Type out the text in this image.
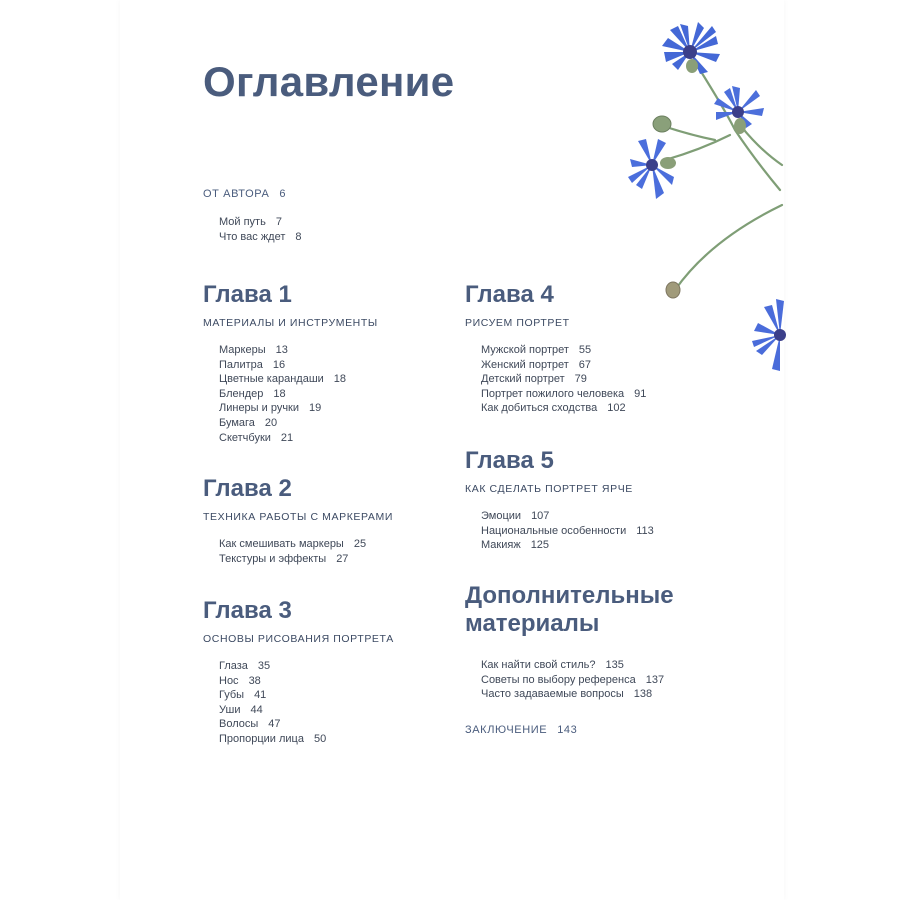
Оглавление
ОТ АВТОРА 6
Мой путь 7
Что вас ждет 8
Глава 1
МАТЕРИАЛЫ И ИНСТРУМЕНТЫ
Маркеры 13
Палитра 16
Цветные карандаши 18
Блендер 18
Линеры и ручки 19
Бумага 20
Скетчбуки 21
Глава 2
ТЕХНИКА РАБОТЫ С МАРКЕРАМИ
Как смешивать маркеры 25
Текстуры и эффекты 27
Глава 3
ОСНОВЫ РИСОВАНИЯ ПОРТРЕТА
Глаза 35
Нос 38
Губы 41
Уши 44
Волосы 47
Пропорции лица 50
Глава 4
РИСУЕМ ПОРТРЕТ
Мужской портрет 55
Женский портрет 67
Детский портрет 79
Портрет пожилого человека 91
Как добиться сходства 102
Глава 5
КАК СДЕЛАТЬ ПОРТРЕТ ЯРЧЕ
Эмоции 107
Национальные особенности 113
Макияж 125
Дополнительные
материалы
Как найти свой стиль? 135
Советы по выбору референса 137
Часто задаваемые вопросы 138
ЗАКЛЮЧЕНИЕ 143
